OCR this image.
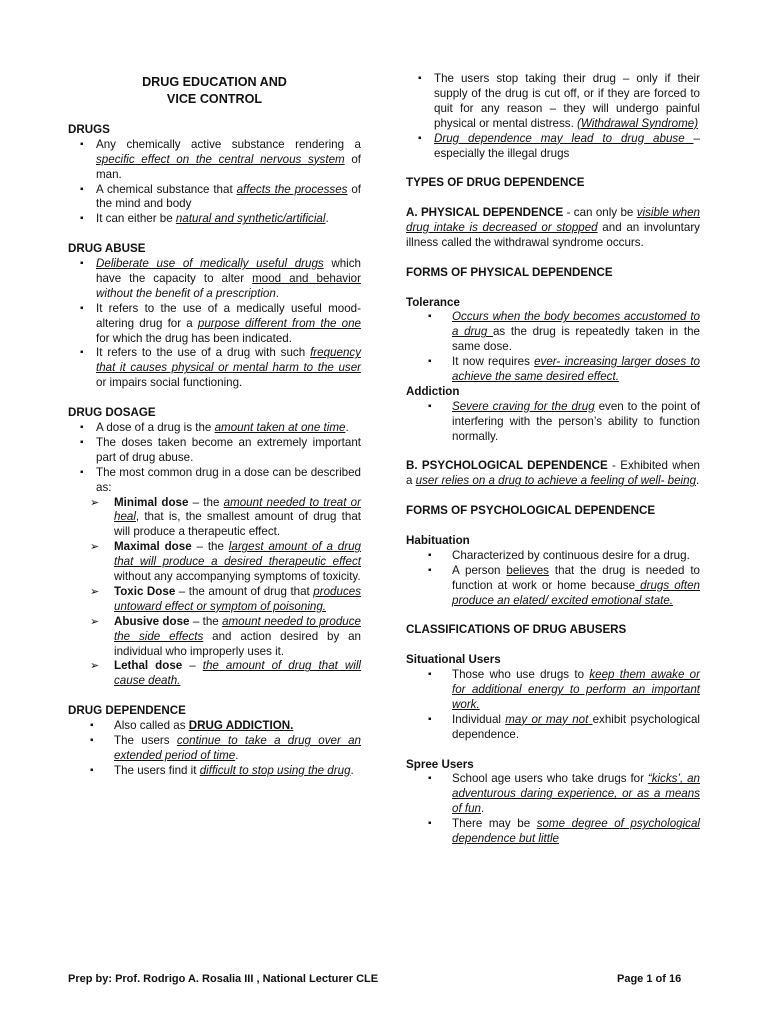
DRUG EDUCATION AND
VICE CONTROL

DRUGS

▪ Any chemically active substance rendering a specific effect on the central nervous system of man.
▪ A chemical substance that affects the processes of the mind and body
▪ It can either be natural and synthetic/artificial.

DRUG ABUSE

▪ Deliberate use of medically useful drugs which have the capacity to alter mood and behavior without the benefit of a prescription.
▪ It refers to the use of a medically useful mood-altering drug for a purpose different from the one for which the drug has been indicated.
▪ It refers to the use of a drug with such frequency that it causes physical or mental harm to the user or impairs social functioning.

DRUG DOSAGE

▪ A dose of a drug is the amount taken at one time.
▪ The doses taken become an extremely important part of drug abuse.
▪ The most common drug in a dose can be described as:
➢ Minimal dose – the amount needed to treat or heal, that is, the smallest amount of drug that will produce a therapeutic effect.
➢ Maximal dose – the largest amount of a drug that will produce a desired therapeutic effect without any accompanying symptoms of toxicity.
➢ Toxic Dose – the amount of drug that produces untoward effect or symptom of poisoning.
➢ Abusive dose – the amount needed to produce the side effects and action desired by an individual who improperly uses it.
➢ Lethal dose – the amount of drug that will cause death.

DRUG DEPENDENCE

▪ Also called as DRUG ADDICTION.
▪ The users continue to take a drug over an extended period of time.
▪ The users find it difficult to stop using the drug.
▪ The users stop taking their drug – only if their supply of the drug is cut off, or if they are forced to quit for any reason – they will undergo painful physical or mental distress. (Withdrawal Syndrome)
▪ Drug dependence may lead to drug abuse – especially the illegal drugs

TYPES OF DRUG DEPENDENCE

A. PHYSICAL DEPENDENCE - can only be visible when drug intake is decreased or stopped and an involuntary illness called the withdrawal syndrome occurs.

FORMS OF PHYSICAL DEPENDENCE

Tolerance

▪ Occurs when the body becomes accustomed to a drug as the drug is repeatedly taken in the same dose.
▪ It now requires ever- increasing larger doses to achieve the same desired effect.

Addiction

▪ Severe craving for the drug even to the point of interfering with the person’s ability to function normally.

B. PSYCHOLOGICAL DEPENDENCE - Exhibited when a user relies on a drug to achieve a feeling of well- being.

FORMS OF PSYCHOLOGICAL DEPENDENCE

Habituation

▪ Characterized by continuous desire for a drug.
▪ A person believes that the drug is needed to function at work or home because drugs often produce an elated/ excited emotional state.

CLASSIFICATIONS OF DRUG ABUSERS

Situational Users

▪ Those who use drugs to keep them awake or for additional energy to perform an important work.
▪ Individual may or may not exhibit psychological dependence.

Spree Users

▪ School age users who take drugs for “kicks’, an adventurous daring experience, or as a means of fun.
▪ There may be some degree of psychological dependence but little
Prep by: Prof. Rodrigo A. Rosalia III , National Lecturer CLE	Page 1 of 16
